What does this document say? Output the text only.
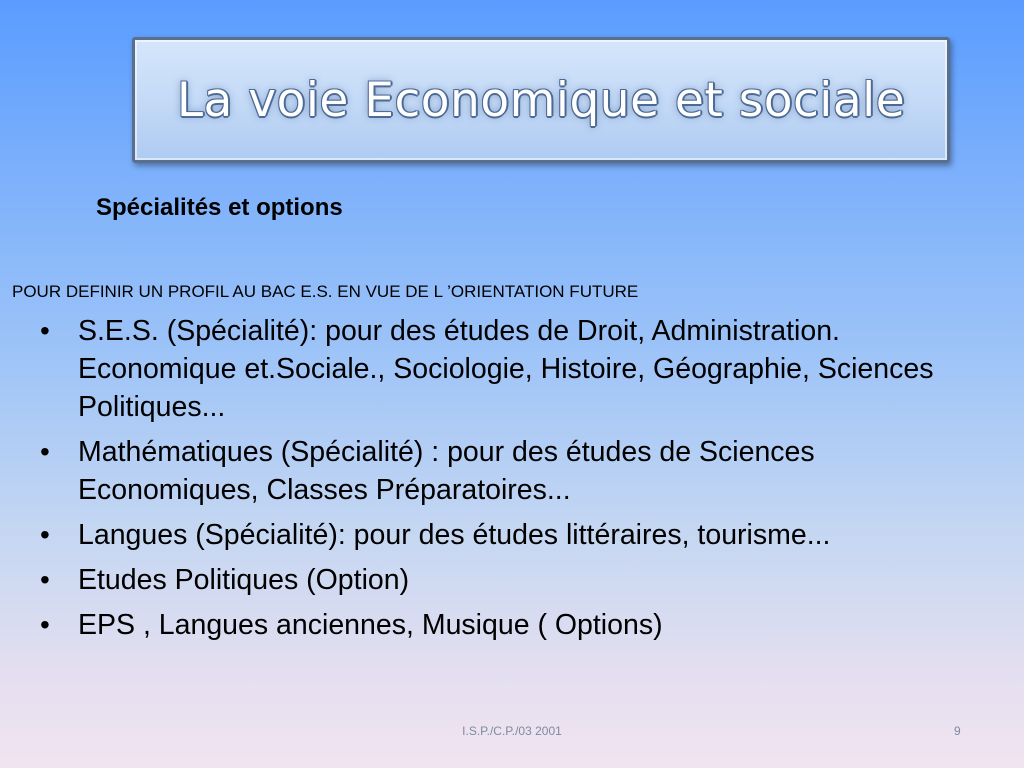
La voie Economique et sociale
Spécialités et options
POUR DEFINIR UN PROFIL AU BAC E.S. EN VUE DE L ’ORIENTATION FUTURE
• S.E.S. (Spécialité): pour des études de Droit, Administration. Economique et.Sociale., Sociologie, Histoire, Géographie, Sciences Politiques...
• Mathématiques (Spécialité) : pour des études de Sciences Economiques, Classes Préparatoires...
• Langues (Spécialité): pour des études littéraires, tourisme...
• Etudes Politiques (Option)
• EPS , Langues anciennes, Musique ( Options)
I.S.P./C.P./03 2001	9
